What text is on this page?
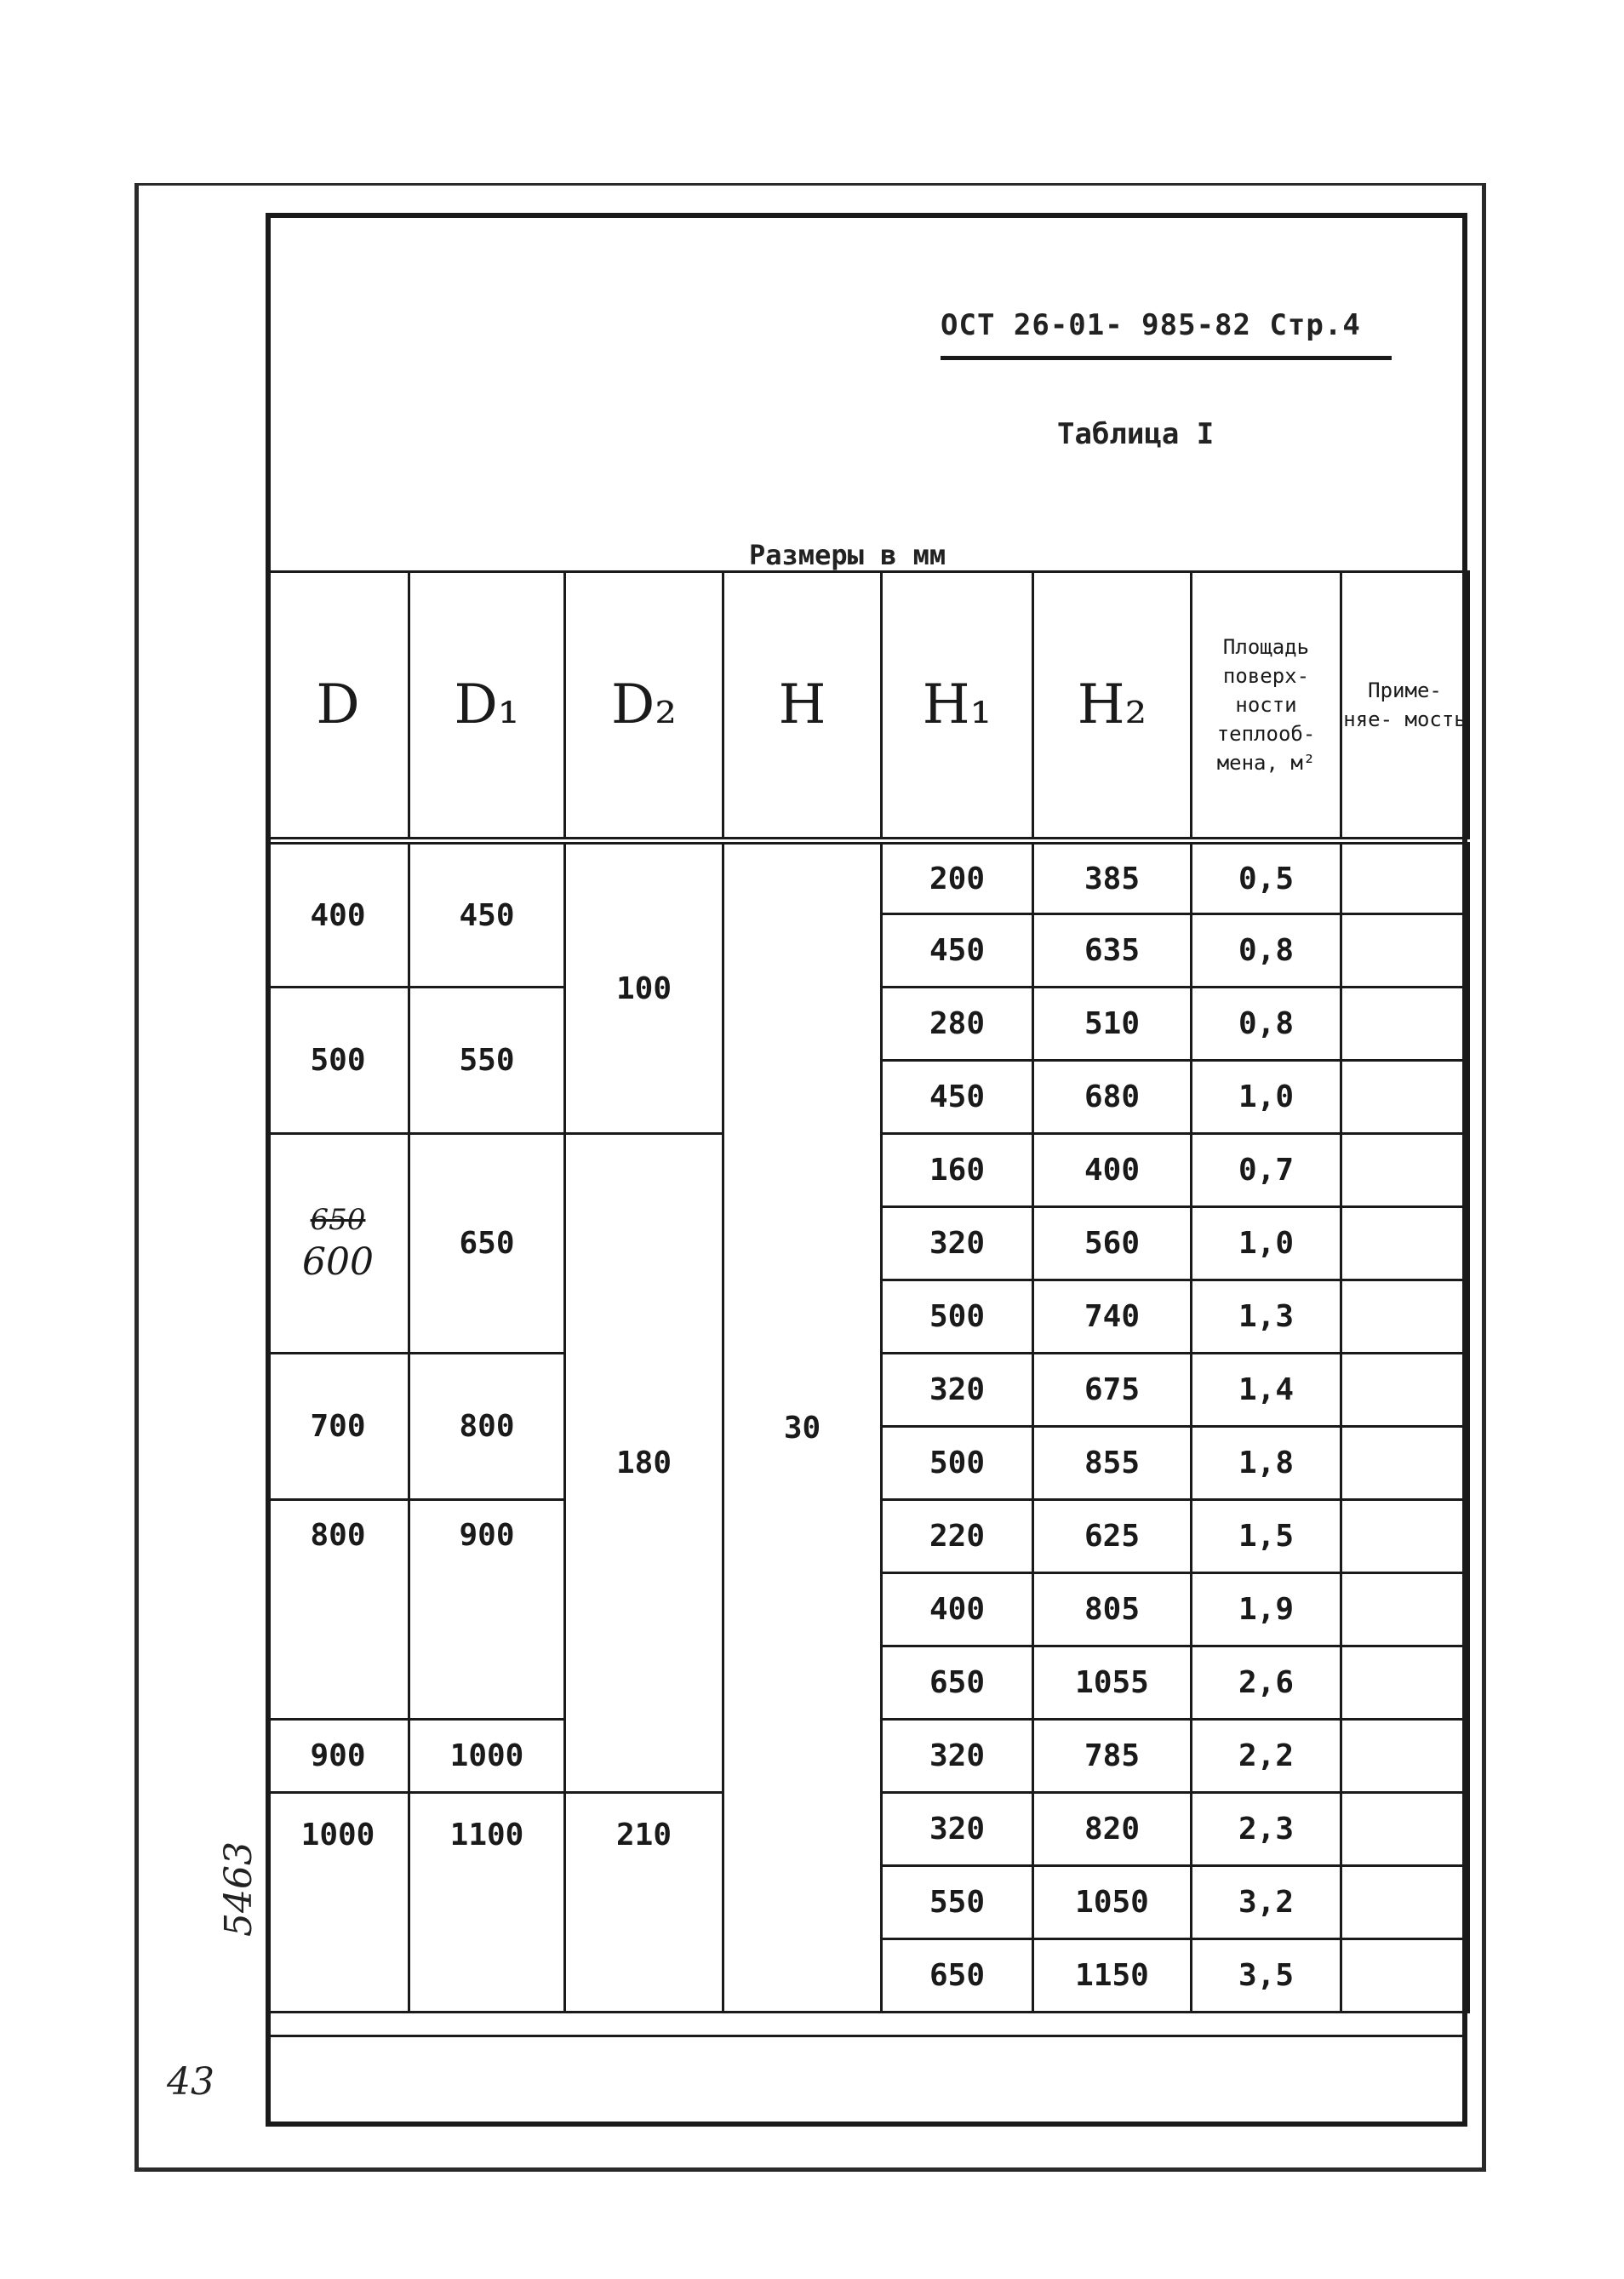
ОСТ 26-01- 985-82 Стр.4
Таблица I
Размеры в мм
D	D₁	D₂	H	H₁	H₂	Площадь поверх- ности теплооб- мена, м²	Приме- няе- мость
400	450	100	30	200	385	0,5	
				450	635	0,8	
500	550			280	510	0,8	
				450	680	1,0	

650
600	650	180		160	400	0,7	
				320	560	1,0	
				500	740	1,3	
700	800			320	675	1,4	
				500	855	1,8	
800	900			220	625	1,5	
				400	805	1,9	
				650	1055	2,6	
900	1000			320	785	2,2	
1000	1100	210		320	820	2,3	
				550	1050	3,2	
				650	1150	3,5	
5463
43
